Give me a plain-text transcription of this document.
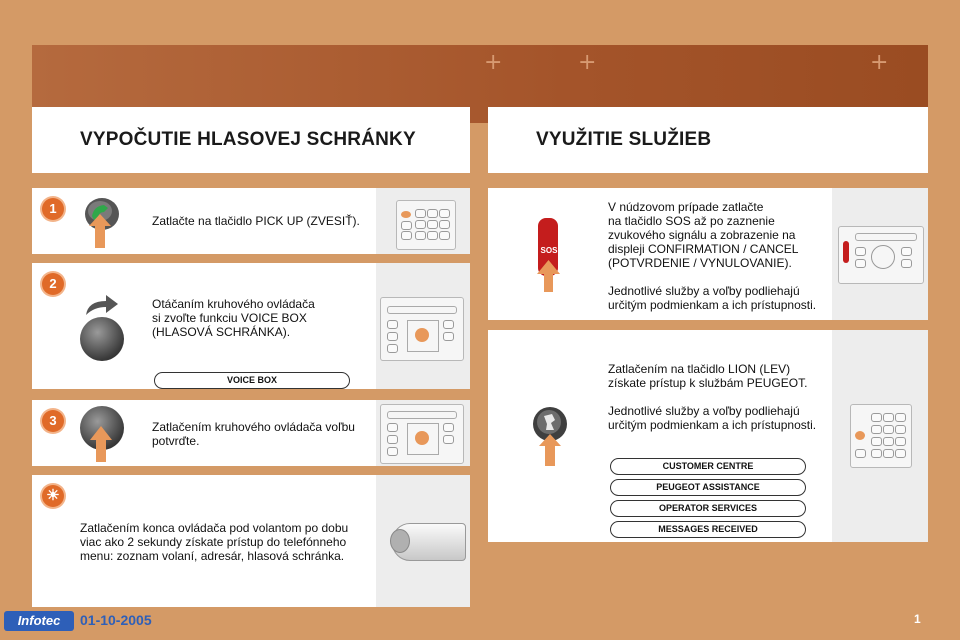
+	+	+
VYPOČUTIE HLASOVEJ SCHRÁNKY	VYUŽITIE SLUŽIEB
1
Zatlačte na tlačidlo PICK UP (ZVESIŤ).
2
Otáčaním kruhového ovládača
si zvoľte funkciu VOICE BOX
(HLASOVÁ SCHRÁNKA).
VOICE BOX
3	Zatlačením kruhového ovládača voľbu
potvrďte.
☀
Zatlačením konca ovládača pod volantom po dobu
viac ako 2 sekundy získate prístup do telefónneho
menu: zoznam volaní, adresár, hlasová schránka.
SOS
V núdzovom prípade zatlačte
na tlačidlo SOS až po zaznenie
zvukového signálu a zobrazenie na
displeji CONFIRMATION / CANCEL
(POTVRDENIE / VYNULOVANIE).
Jednotlivé služby a voľby podliehajú
určitým podmienkam a ich prístupnosti.
Zatlačením na tlačidlo LION (LEV)
získate prístup k službám PEUGEOT.
Jednotlivé služby a voľby podliehajú
určitým podmienkam a ich prístupnosti.
CUSTOMER CENTRE
PEUGEOT ASSISTANCE
OPERATOR SERVICES
MESSAGES RECEIVED
Infotec	01-10-2005	1
